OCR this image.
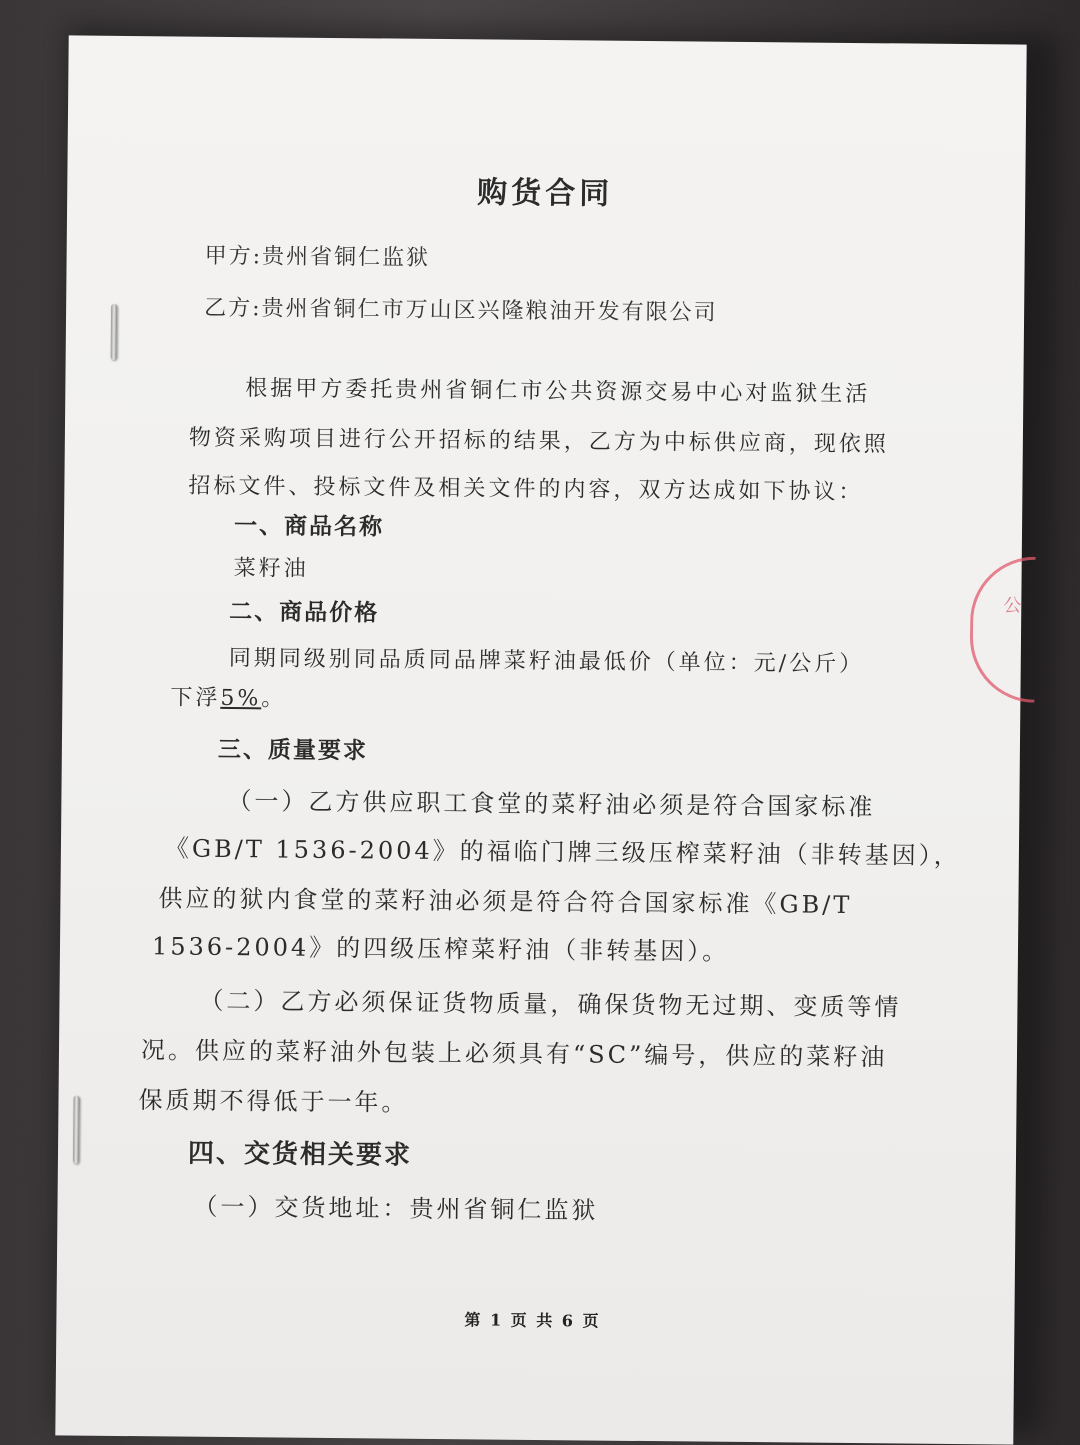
购货合同
甲方:贵州省铜仁监狱
乙方:贵州省铜仁市万山区兴隆粮油开发有限公司
根据甲方委托贵州省铜仁市公共资源交易中心对监狱生活
物资采购项目进行公开招标的结果，乙方为中标供应商，现依照
招标文件、投标文件及相关文件的内容，双方达成如下协议：
一、商品名称
菜籽油
二、商品价格
同期同级别同品质同品牌菜籽油最低价（单位：元/公斤）
下浮5%。
三、质量要求
（一）乙方供应职工食堂的菜籽油必须是符合国家标准
《GB/T 1536-2004》的福临门牌三级压榨菜籽油（非转基因），
供应的狱内食堂的菜籽油必须是符合符合国家标准《GB/T
1536-2004》的四级压榨菜籽油（非转基因）。
（二）乙方必须保证货物质量，确保货物无过期、变质等情
况。供应的菜籽油外包装上必须具有“SC”编号，供应的菜籽油
保质期不得低于一年。
四、交货相关要求
（一）交货地址：贵州省铜仁监狱
第 1 页 共 6 页
公
